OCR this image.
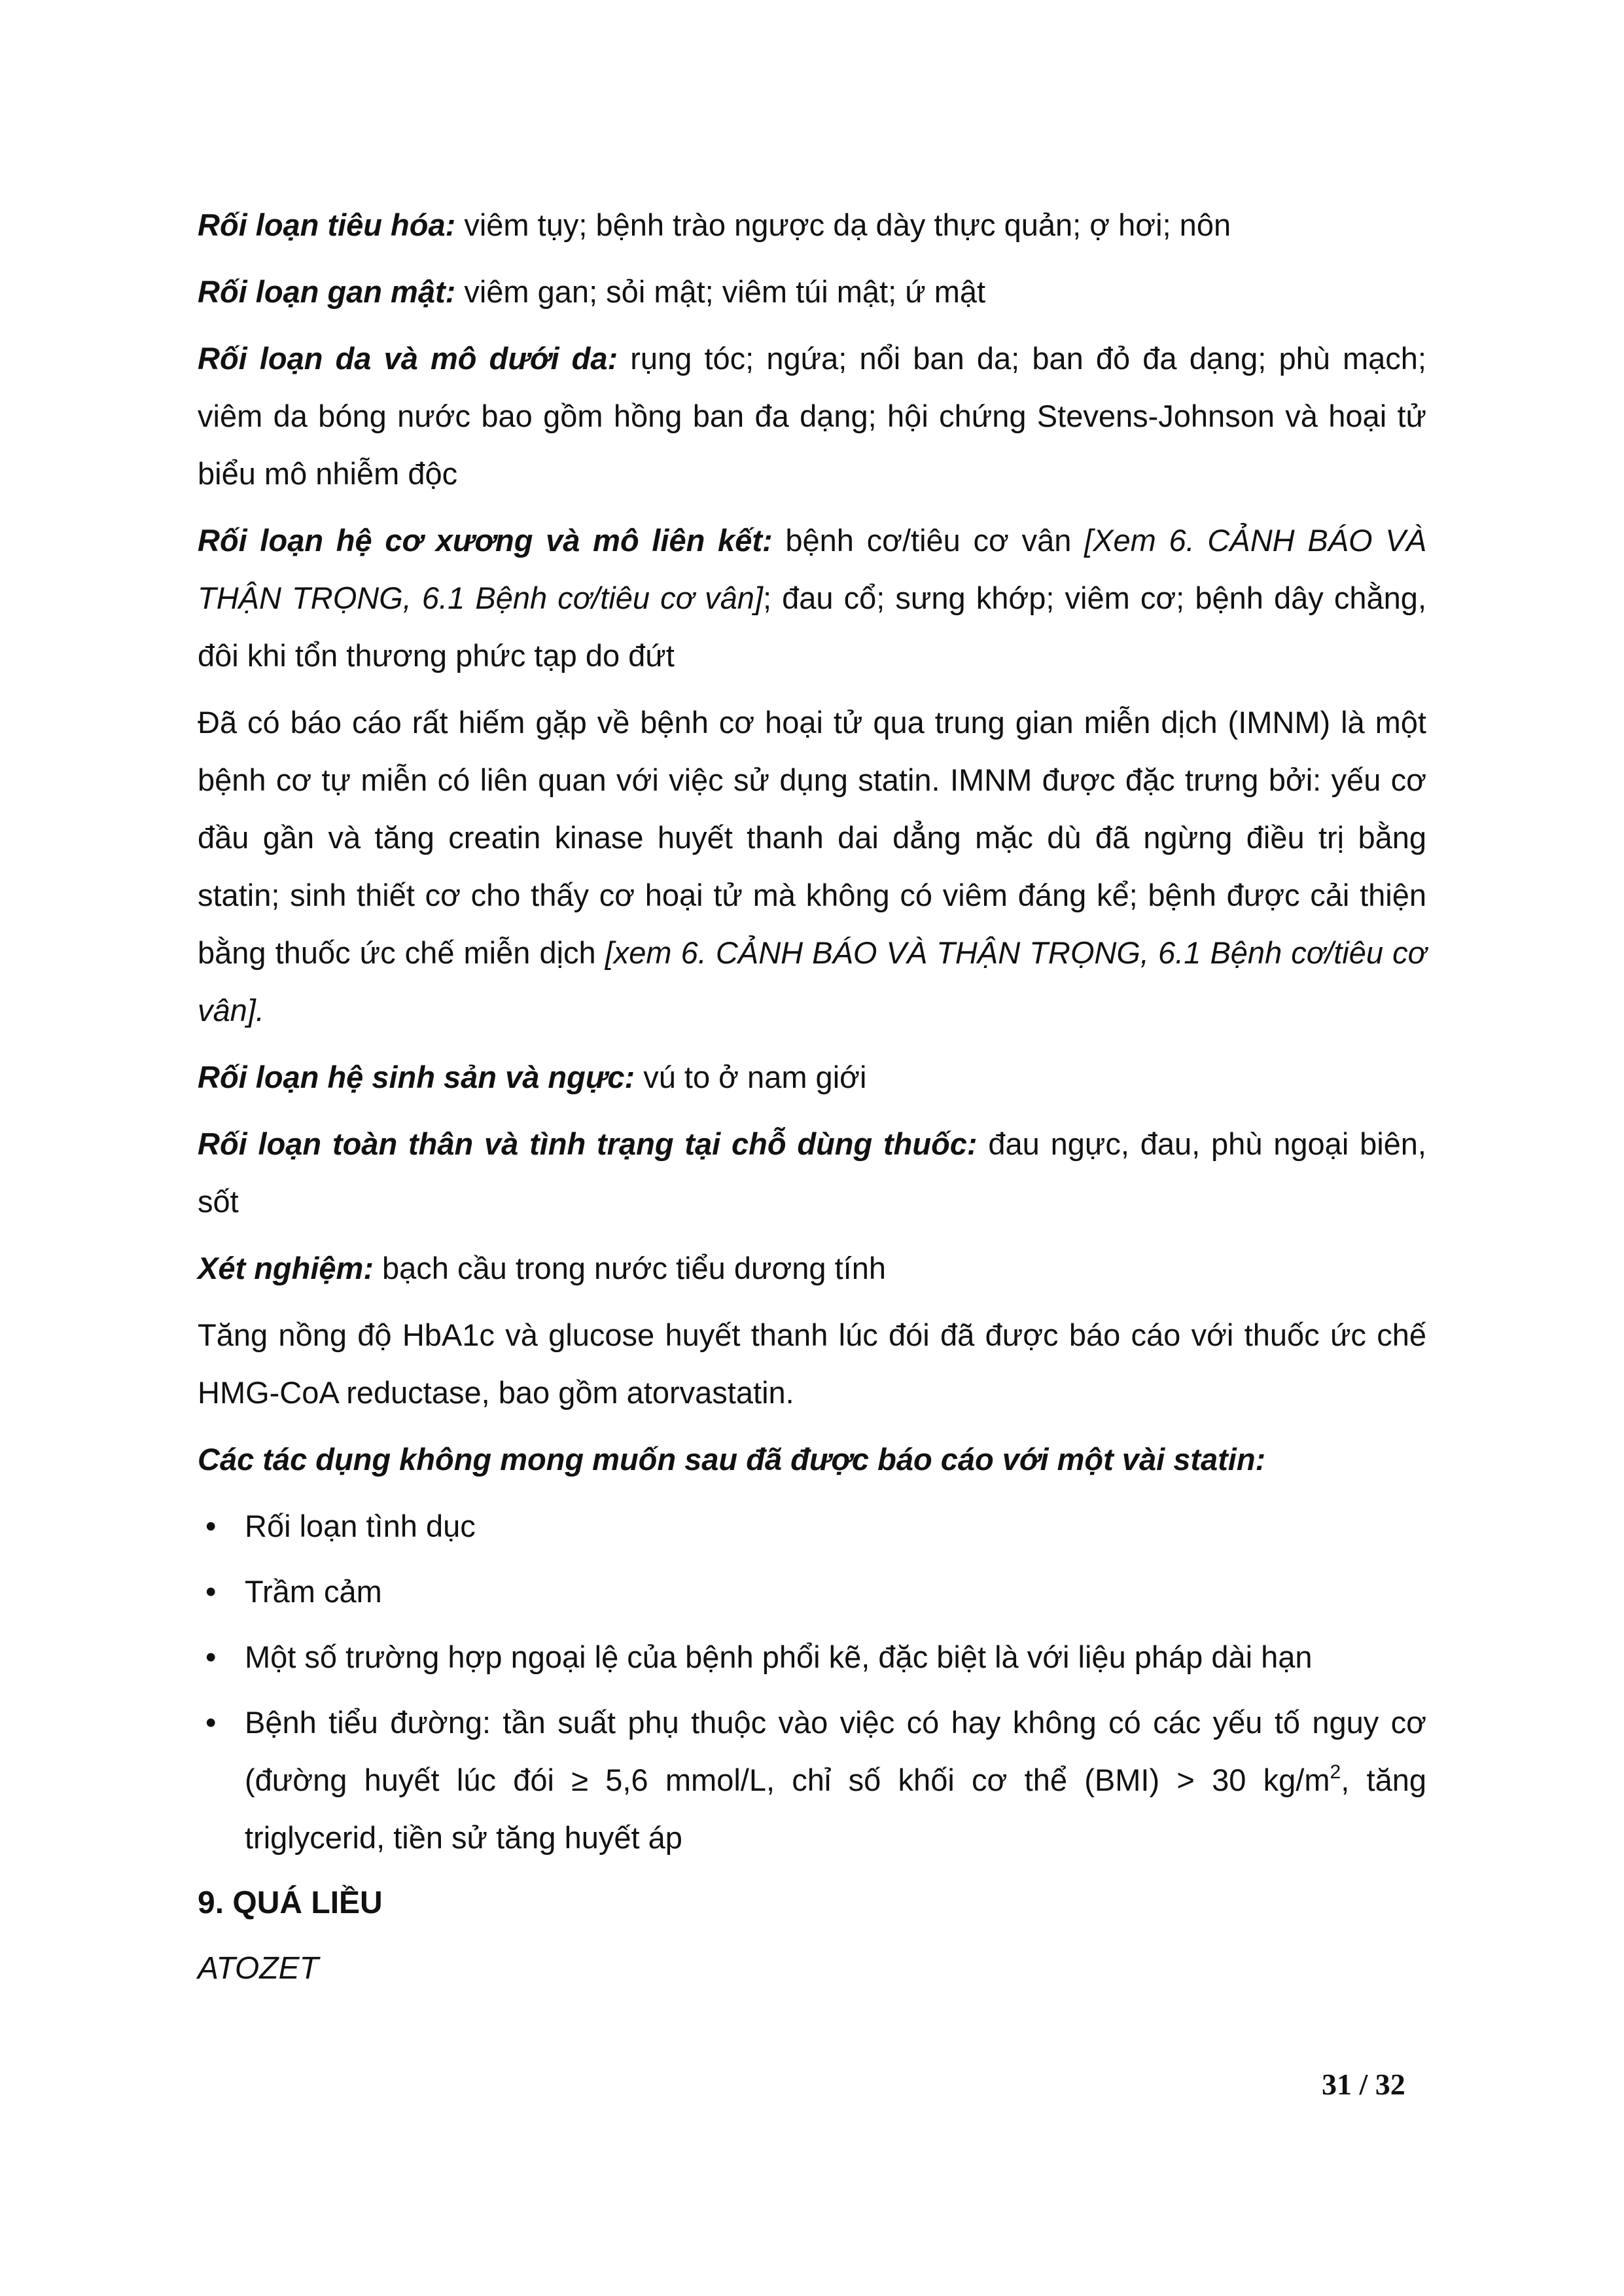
Rối loạn tiêu hóa: viêm tụy; bệnh trào ngược dạ dày thực quản; ợ hơi; nôn

Rối loạn gan mật: viêm gan; sỏi mật; viêm túi mật; ứ mật

Rối loạn da và mô dưới da: rụng tóc; ngứa; nổi ban da; ban đỏ đa dạng; phù mạch; viêm da bóng nước bao gồm hồng ban đa dạng; hội chứng Stevens-Johnson và hoại tử biểu mô nhiễm độc

Rối loạn hệ cơ xương và mô liên kết: bệnh cơ/tiêu cơ vân [Xem 6. CẢNH BÁO VÀ THẬN TRỌNG, 6.1 Bệnh cơ/tiêu cơ vân]; đau cổ; sưng khớp; viêm cơ; bệnh dây chằng, đôi khi tổn thương phức tạp do đứt

Đã có báo cáo rất hiếm gặp về bệnh cơ hoại tử qua trung gian miễn dịch (IMNM) là một bệnh cơ tự miễn có liên quan với việc sử dụng statin. IMNM được đặc trưng bởi: yếu cơ đầu gần và tăng creatin kinase huyết thanh dai dẳng mặc dù đã ngừng điều trị bằng statin; sinh thiết cơ cho thấy cơ hoại tử mà không có viêm đáng kể; bệnh được cải thiện bằng thuốc ức chế miễn dịch [xem 6. CẢNH BÁO VÀ THẬN TRỌNG, 6.1 Bệnh cơ/tiêu cơ vân].

Rối loạn hệ sinh sản và ngực: vú to ở nam giới

Rối loạn toàn thân và tình trạng tại chỗ dùng thuốc: đau ngực, đau, phù ngoại biên, sốt

Xét nghiệm: bạch cầu trong nước tiểu dương tính

Tăng nồng độ HbA1c và glucose huyết thanh lúc đói đã được báo cáo với thuốc ức chế HMG-CoA reductase, bao gồm atorvastatin.

Các tác dụng không mong muốn sau đã được báo cáo với một vài statin:

• Rối loạn tình dục
• Trầm cảm
• Một số trường hợp ngoại lệ của bệnh phổi kẽ, đặc biệt là với liệu pháp dài hạn
• Bệnh tiểu đường: tần suất phụ thuộc vào việc có hay không có các yếu tố nguy cơ (đường huyết lúc đói ≥ 5,6 mmol/L, chỉ số khối cơ thể (BMI) > 30 $kg/m^2$, tăng triglycerid, tiền sử tăng huyết áp
9. QUÁ LIỀU

ATOZET

31 / 32
